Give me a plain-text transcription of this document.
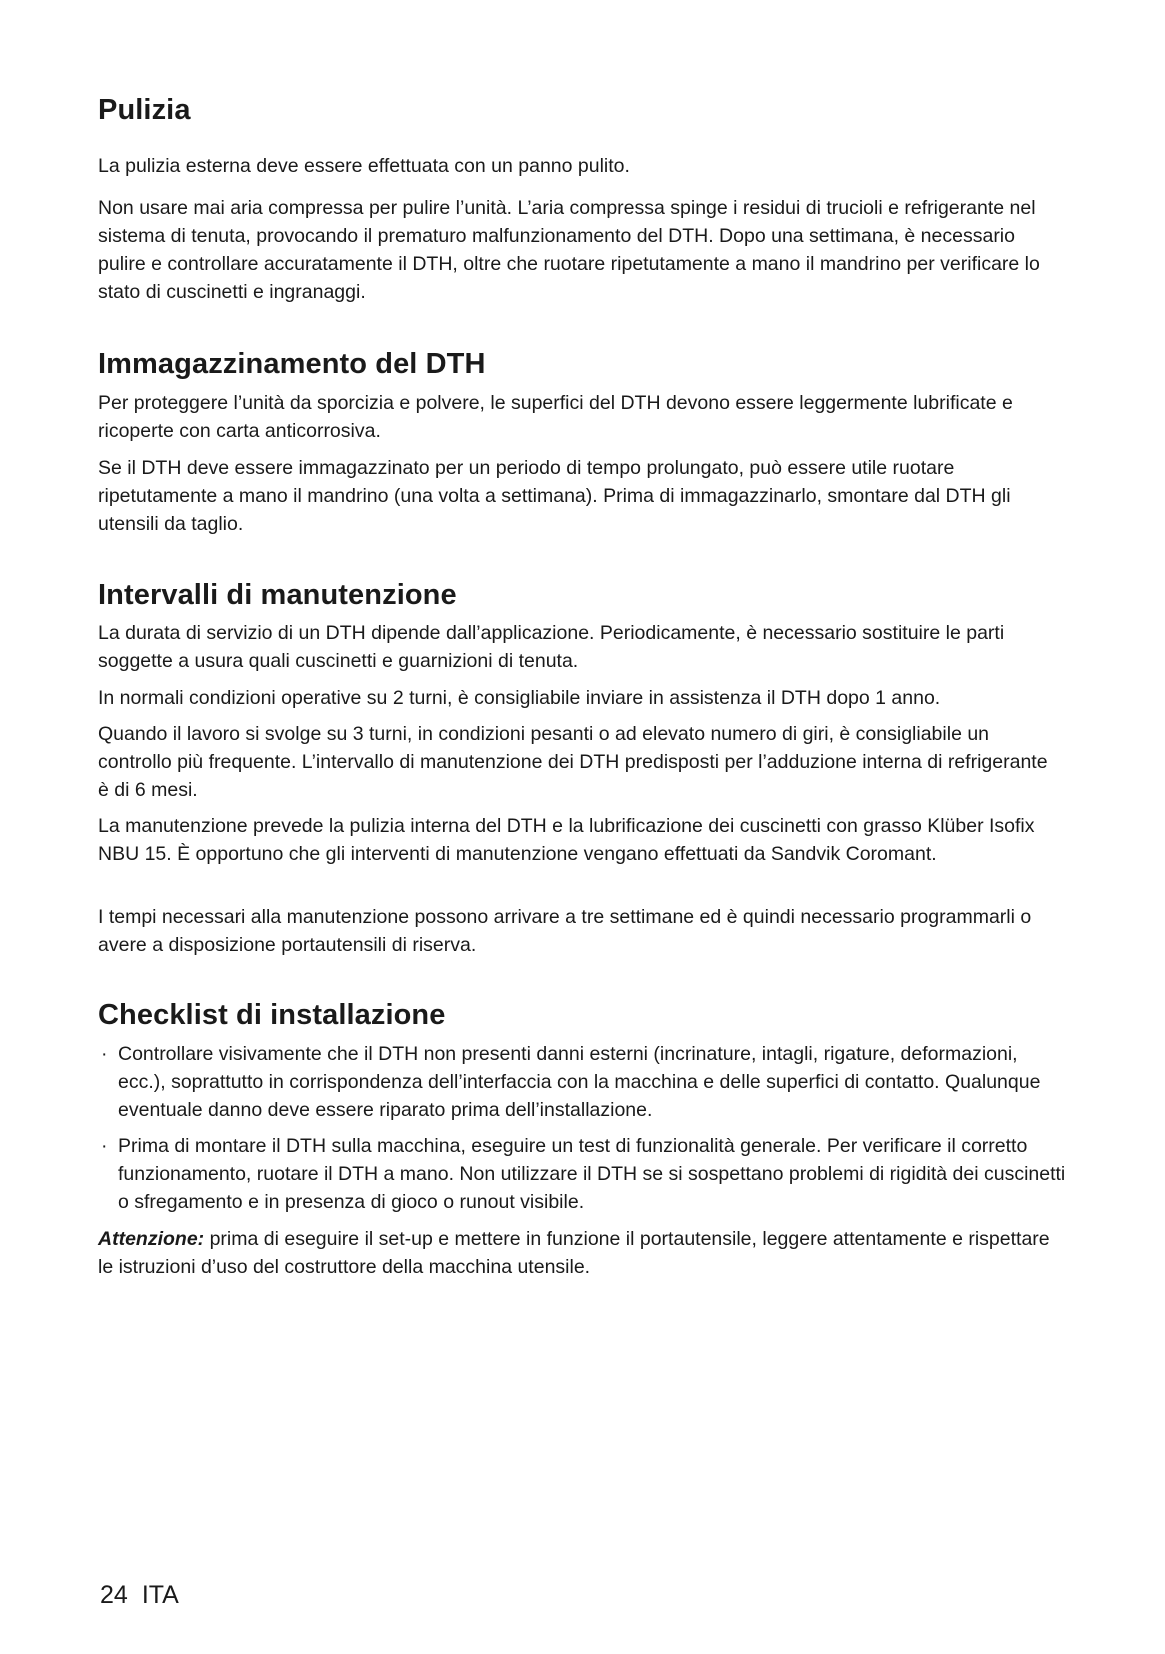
Pulizia

La pulizia esterna deve essere effettuata con un panno pulito.

Non usare mai aria compressa per pulire l’unità. L’aria compressa spinge i residui di trucioli e refrigerante nel sistema di tenuta, provocando il prematuro malfunzionamento del DTH. Dopo una settimana, è necessario pulire e controllare accuratamente il DTH, oltre che ruotare ripetutamente a mano il mandrino per verificare lo stato di cuscinetti e ingranaggi.

Immagazzinamento del DTH

Per proteggere l’unità da sporcizia e polvere, le superfici del DTH devono essere leggermente lubrificate e ricoperte con carta anticorrosiva.

Se il DTH deve essere immagazzinato per un periodo di tempo prolungato, può essere utile ruotare ripetutamente a mano il mandrino (una volta a settimana). Prima di immagazzinarlo, smontare dal DTH gli utensili da taglio.

Intervalli di manutenzione

La durata di servizio di un DTH dipende dall’applicazione. Periodicamente, è necessario sostituire le parti soggette a usura quali cuscinetti e guarnizioni di tenuta.

In normali condizioni operative su 2 turni, è consigliabile inviare in assistenza il DTH dopo 1 anno.

Quando il lavoro si svolge su 3 turni, in condizioni pesanti o ad elevato numero di giri, è consigliabile un controllo più frequente. L’intervallo di manutenzione dei DTH predisposti per l’adduzione interna di refrigerante è di 6 mesi.

La manutenzione prevede la pulizia interna del DTH e la lubrificazione dei cuscinetti con grasso Klüber Isofix NBU 15. È opportuno che gli interventi di manutenzione vengano effettuati da Sandvik Coromant.

I tempi necessari alla manutenzione possono arrivare a tre settimane ed è quindi necessario programmarli o avere a disposizione portautensili di riserva.

Checklist di installazione
· Controllare visivamente che il DTH non presenti danni esterni (incrinature, intagli, rigature, deformazioni, ecc.), soprattutto in corrispondenza dell’interfaccia con la macchina e delle superfici di contatto. Qualunque eventuale danno deve essere riparato prima dell’installazione.
· Prima di montare il DTH sulla macchina, eseguire un test di funzionalità generale. Per verificare il corretto funzionamento, ruotare il DTH a mano. Non utilizzare il DTH se si sospettano problemi di rigidità dei cuscinetti o sfregamento e in presenza di gioco o runout visibile.

Attenzione: prima di eseguire il set-up e mettere in funzione il portautensile, leggere attentamente e rispettare le istruzioni d’uso del costruttore della macchina utensile.

24 ITA
